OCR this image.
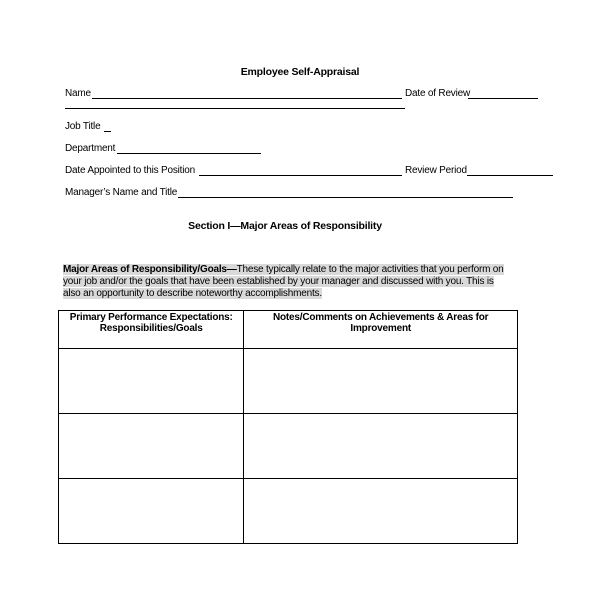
Employee Self-Appraisal
Name	Date of Review
Job Title
Department
Date Appointed to this Position	Review Period
Manager’s Name and Title
Section I—Major Areas of Responsibility
Major Areas of Responsibility/Goals—These typically relate to the major activities that you perform on your job and/or the goals that have been established by your manager and discussed with you. This is also an opportunity to describe noteworthy accomplishments.
Primary Performance Expectations: Responsibilities/Goals	Notes/Comments on Achievements & Areas for Improvement
